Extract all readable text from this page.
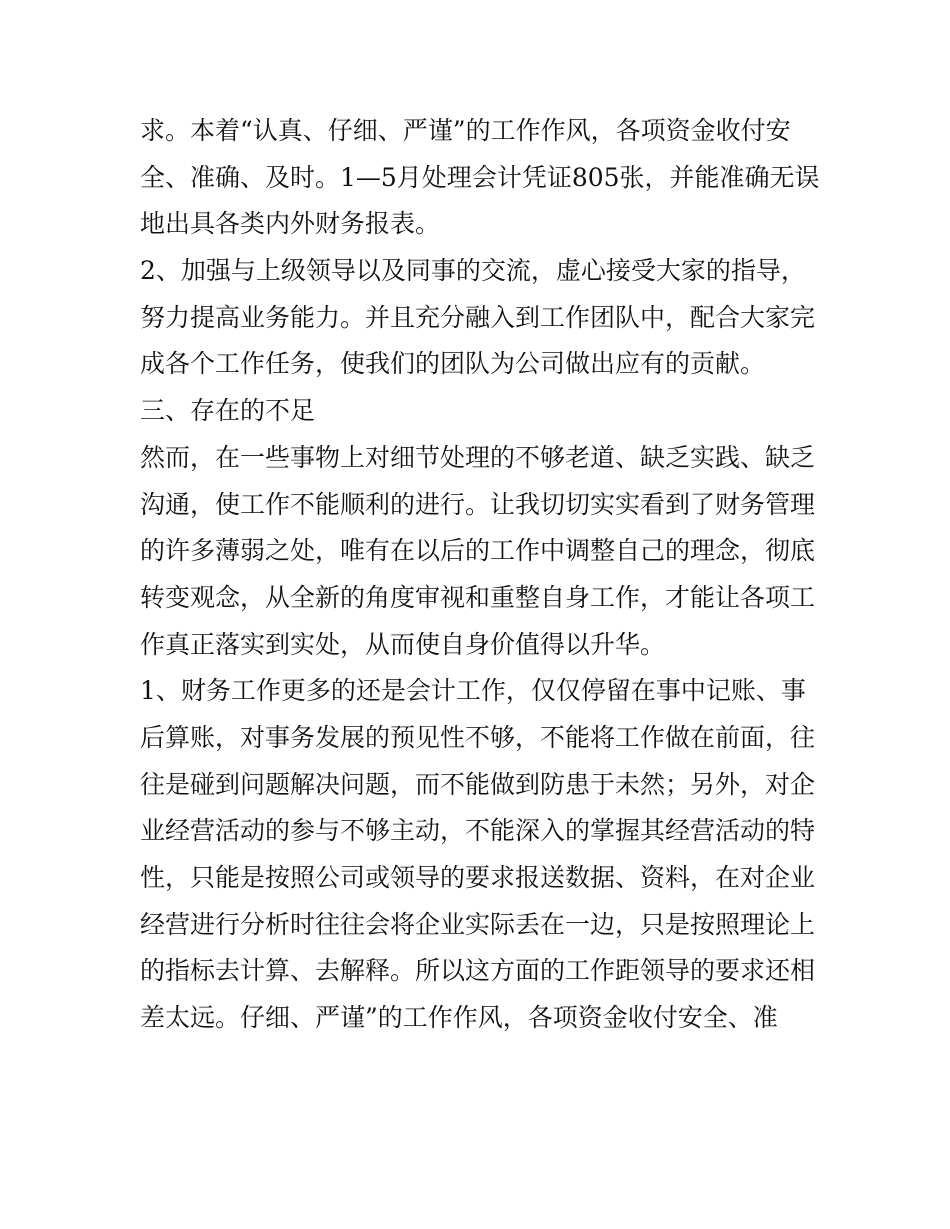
求。本着“认真、仔细、严谨”的工作作风，各项资金收付安
全、准确、及时。1—5月处理会计凭证805张，并能准确无误
地出具各类内外财务报表。
2、加强与上级领导以及同事的交流，虚心接受大家的指导，
努力提高业务能力。并且充分融入到工作团队中，配合大家完
成各个工作任务，使我们的团队为公司做出应有的贡献。
三、存在的不足
然而，在一些事物上对细节处理的不够老道、缺乏实践、缺乏
沟通，使工作不能顺利的进行。让我切切实实看到了财务管理
的许多薄弱之处，唯有在以后的工作中调整自己的理念，彻底
转变观念，从全新的角度审视和重整自身工作，才能让各项工
作真正落实到实处，从而使自身价值得以升华。
1、财务工作更多的还是会计工作，仅仅停留在事中记账、事
后算账，对事务发展的预见性不够，不能将工作做在前面，往
往是碰到问题解决问题，而不能做到防患于未然；另外，对企
业经营活动的参与不够主动，不能深入的掌握其经营活动的特
性，只能是按照公司或领导的要求报送数据、资料，在对企业
经营进行分析时往往会将企业实际丢在一边，只是按照理论上
的指标去计算、去解释。所以这方面的工作距领导的要求还相
差太远。仔细、严谨”的工作作风，各项资金收付安全、准
